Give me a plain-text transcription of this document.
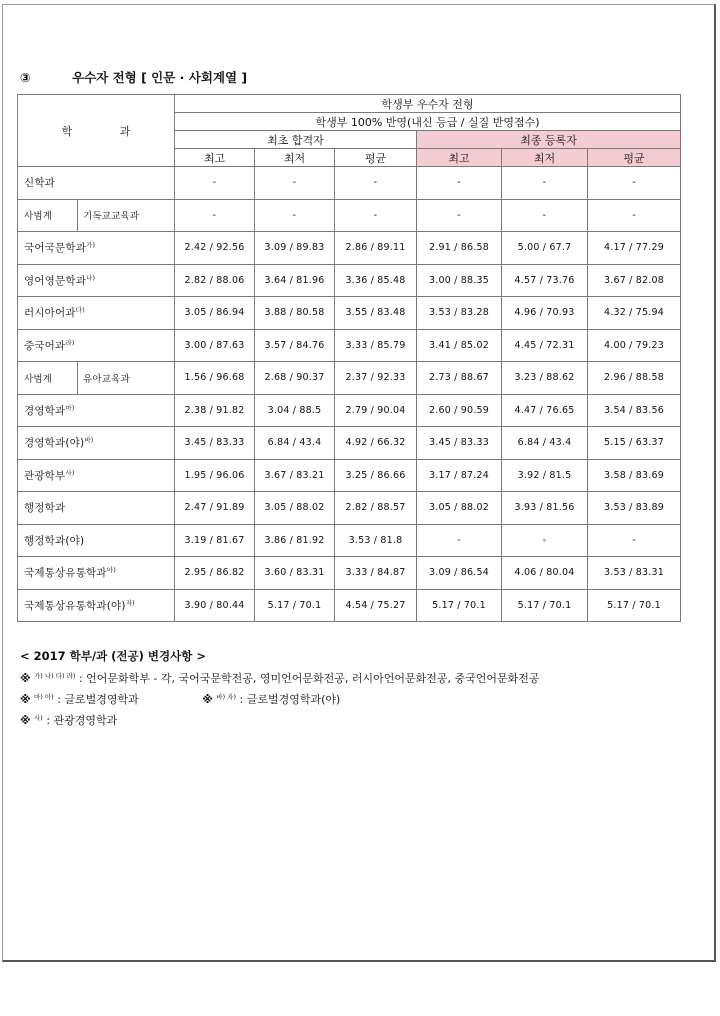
③	우수자 전형 [ 인문 · 사회계열 ]
학 과		학생부 우수자 전형					
		학생부 100% 반영(내신 등급 / 실질 반영점수)					
		최초 합격자			최종 등록자		
		최고	최저	평균	최고	최저	평균
신학과		-	-	-	-	-	-
사범계	기독교교육과	-	-	-	-	-	-
국어국문학과$^{가)}$		2.42 / 92.56	3.09 / 89.83	2.86 / 89.11	2.91 / 86.58	5.00 / 67.7	4.17 / 77.29
영어영문학과$^{나)}$		2.82 / 88.06	3.64 / 81.96	3.36 / 85.48	3.00 / 88.35	4.57 / 73.76	3.67 / 82.08
러시아어과$^{다)}$		3.05 / 86.94	3.88 / 80.58	3.55 / 83.48	3.53 / 83.28	4.96 / 70.93	4.32 / 75.94
중국어과$^{라)}$		3.00 / 87.63	3.57 / 84.76	3.33 / 85.79	3.41 / 85.02	4.45 / 72.31	4.00 / 79.23
사범계	유아교육과	1.56 / 96.68	2.68 / 90.37	2.37 / 92.33	2.73 / 88.67	3.23 / 88.62	2.96 / 88.58
경영학과$^{마)}$		2.38 / 91.82	3.04 / 88.5	2.79 / 90.04	2.60 / 90.59	4.47 / 76.65	3.54 / 83.56
경영학과(야)$^{바)}$		3.45 / 83.33	6.84 / 43.4	4.92 / 66.32	3.45 / 83.33	6.84 / 43.4	5.15 / 63.37
관광학부$^{사)}$		1.95 / 96.06	3.67 / 83.21	3.25 / 86.66	3.17 / 87.24	3.92 / 81.5	3.58 / 83.69
행정학과		2.47 / 91.89	3.05 / 88.02	2.82 / 88.57	3.05 / 88.02	3.93 / 81.56	3.53 / 83.89
행정학과(야)		3.19 / 81.67	3.86 / 81.92	3.53 / 81.8	-	-	-
국제통상유통학과$^{아)}$		2.95 / 86.82	3.60 / 83.31	3.33 / 84.87	3.09 / 86.54	4.06 / 80.04	3.53 / 83.31
국제통상유통학과(야)$^{자)}$		3.90 / 80.44	5.17 / 70.1	4.54 / 75.27	5.17 / 70.1	5.17 / 70.1	5.17 / 70.1
< 2017 학부/과 (전공) 변경사항 >
※ $^{가) 나) 다) 라)}$ : 언어문화학부 - 각, 국어국문학전공, 영미언어문화전공, 러시아언어문화전공, 중국언어문화전공
※ $^{마) 아)}$ : 글로벌경영학과	※ $^{바) 자)}$ : 글로벌경영학과(야)
※ $^{사)}$ : 관광경영학과
